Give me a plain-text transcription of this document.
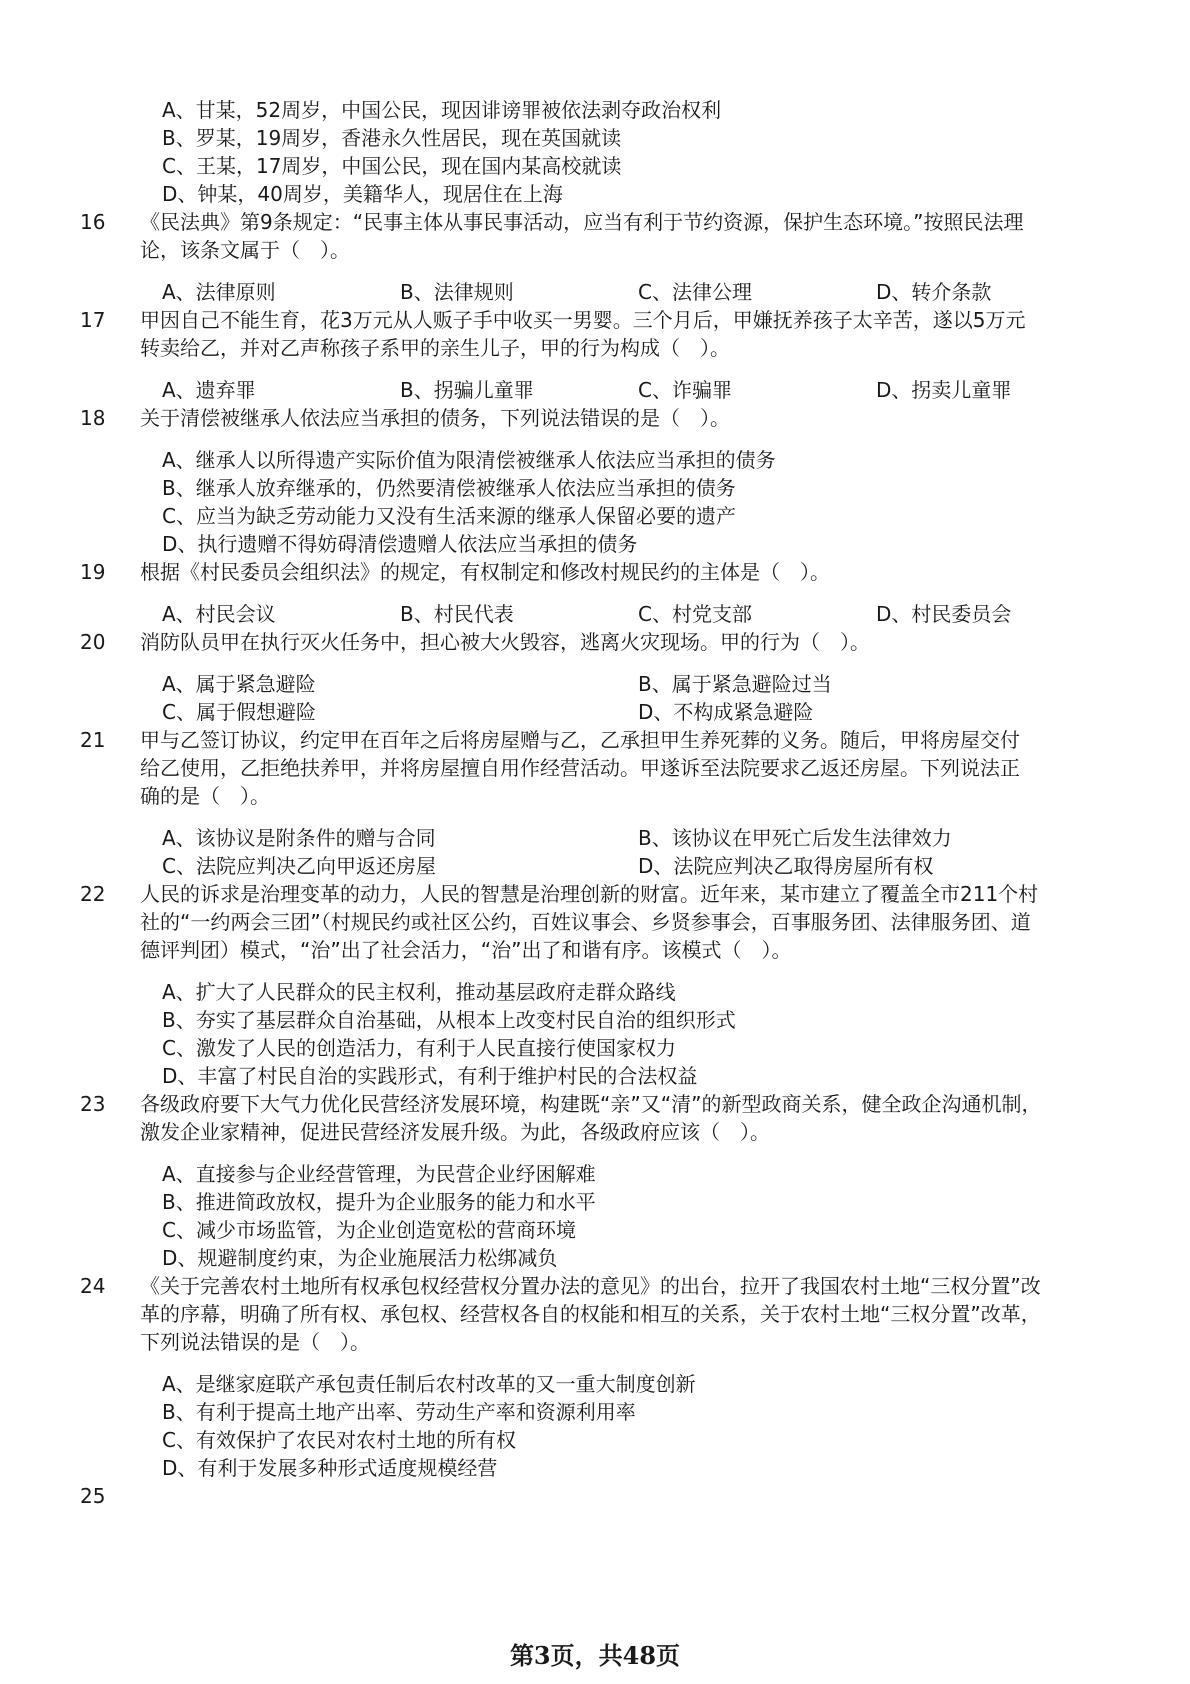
A、甘某，52周岁，中国公民，现因诽谤罪被依法剥夺政治权利
B、罗某，19周岁，香港永久性居民，现在英国就读
C、王某，17周岁，中国公民，现在国内某高校就读
D、钟某，40周岁，美籍华人，现居住在上海
16 《民法典》第9条规定：“民事主体从事民事活动，应当有利于节约资源，保护生态环境。”按照民法理
论，该条文属于（　）。
A、法律原则	B、法律规则	C、法律公理	D、转介条款
17 甲因自己不能生育，花3万元从人贩子手中收买一男婴。三个月后，甲嫌抚养孩子太辛苦，遂以5万元
转卖给乙，并对乙声称孩子系甲的亲生儿子，甲的行为构成（　）。
A、遗弃罪	B、拐骗儿童罪	C、诈骗罪	D、拐卖儿童罪
18 关于清偿被继承人依法应当承担的债务，下列说法错误的是（　）。
A、继承人以所得遗产实际价值为限清偿被继承人依法应当承担的债务
B、继承人放弃继承的，仍然要清偿被继承人依法应当承担的债务
C、应当为缺乏劳动能力又没有生活来源的继承人保留必要的遗产
D、执行遗赠不得妨碍清偿遗赠人依法应当承担的债务
19 根据《村民委员会组织法》的规定，有权制定和修改村规民约的主体是（　）。
A、村民会议	B、村民代表	C、村党支部	D、村民委员会
20 消防队员甲在执行灭火任务中，担心被大火毁容，逃离火灾现场。甲的行为（　）。
A、属于紧急避险	B、属于紧急避险过当
C、属于假想避险	D、不构成紧急避险
21 甲与乙签订协议，约定甲在百年之后将房屋赠与乙，乙承担甲生养死葬的义务。随后，甲将房屋交付
给乙使用，乙拒绝扶养甲，并将房屋擅自用作经营活动。甲遂诉至法院要求乙返还房屋。下列说法正
确的是（　）。
A、该协议是附条件的赠与合同	B、该协议在甲死亡后发生法律效力
C、法院应判决乙向甲返还房屋	D、法院应判决乙取得房屋所有权
22 人民的诉求是治理变革的动力，人民的智慧是治理创新的财富。近年来，某市建立了覆盖全市211个村
社的“一约两会三团”（村规民约或社区公约，百姓议事会、乡贤参事会，百事服务团、法律服务团、道
德评判团）模式，“治”出了社会活力，“治”出了和谐有序。该模式（　）。
A、扩大了人民群众的民主权利，推动基层政府走群众路线
B、夯实了基层群众自治基础，从根本上改变村民自治的组织形式
C、激发了人民的创造活力，有利于人民直接行使国家权力
D、丰富了村民自治的实践形式，有利于维护村民的合法权益
23 各级政府要下大气力优化民营经济发展环境，构建既“亲”又“清”的新型政商关系，健全政企沟通机制，
激发企业家精神，促进民营经济发展升级。为此，各级政府应该（　）。
A、直接参与企业经营管理，为民营企业纾困解难
B、推进简政放权，提升为企业服务的能力和水平
C、减少市场监管，为企业创造宽松的营商环境
D、规避制度约束，为企业施展活力松绑减负
24 《关于完善农村土地所有权承包权经营权分置办法的意见》的出台，拉开了我国农村土地“三权分置”改
革的序幕，明确了所有权、承包权、经营权各自的权能和相互的关系，关于农村土地“三权分置”改革，
下列说法错误的是（　）。
A、是继家庭联产承包责任制后农村改革的又一重大制度创新
B、有利于提高土地产出率、劳动生产率和资源利用率
C、有效保护了农民对农村土地的所有权
D、有利于发展多种形式适度规模经营
25
第3页，共48页
